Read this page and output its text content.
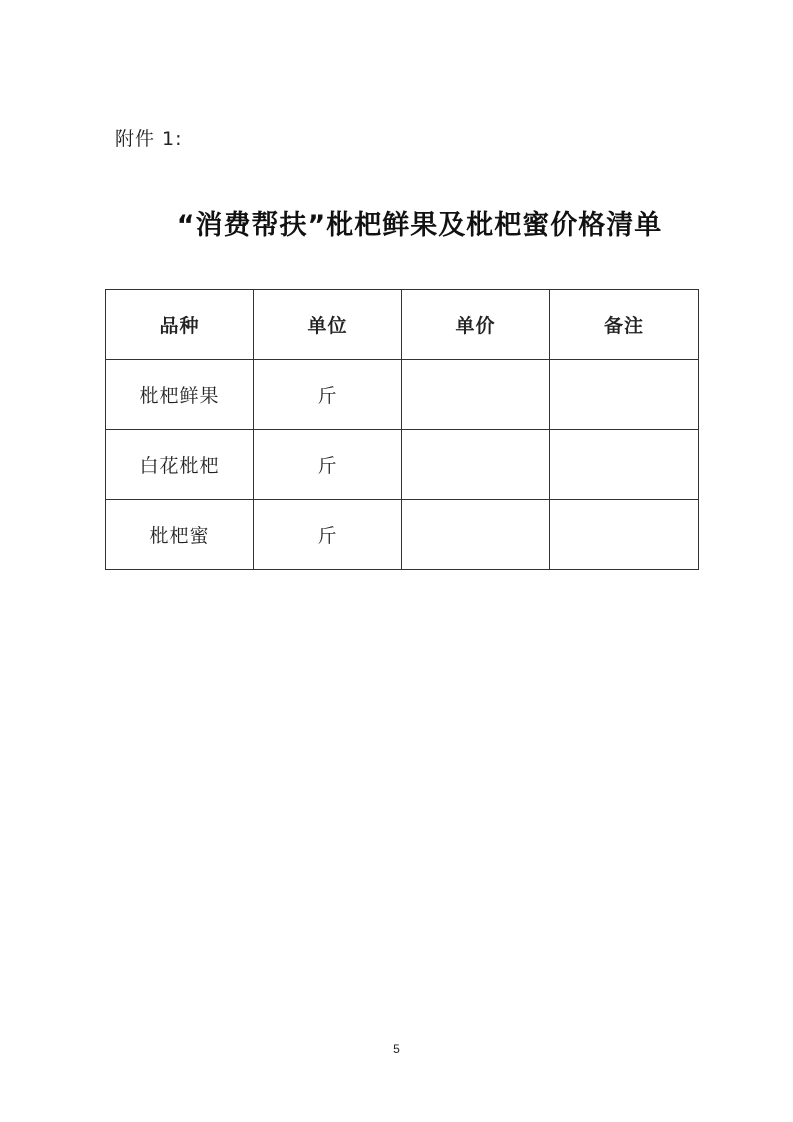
附件 1:
“消费帮扶”枇杷鲜果及枇杷蜜价格清单
品种	单位	单价	备注
枇杷鲜果	斤		
白花枇杷	斤		
枇杷蜜	斤		
5
